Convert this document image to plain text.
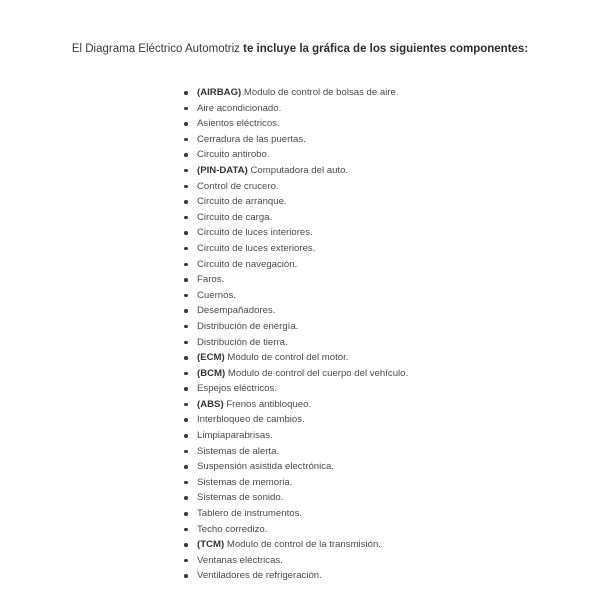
El Diagrama Eléctrico Automotriz te incluye la gráfica de los siguientes componentes:
(AIRBAG) Modulo de control de bolsas de aire.
Aire acondicionado.
Asientos eléctricos.
Cerradura de las puertas.
Circuito antirobo.
(PIN-DATA) Computadora del auto.
Control de crucero.
Circuito de arranque.
Circuito de carga.
Circuito de luces interiores.
Circuito de luces exteriores.
Circuito de navegación.
Faros.
Cuernos.
Desempañadores.
Distribución de energía.
Distribución de tierra.
(ECM) Modulo de control del motor.
(BCM) Modulo de control del cuerpo del vehículo.
Espejos eléctricos.
(ABS) Frenos antibloqueo.
Interbloqueo de cambios.
Limpiaparabrisas.
Sistemas de alerta.
Suspensión asistida electrónica.
Sistemas de memoria.
Sistemas de sonido.
Tablero de instrumentos.
Techo corredizo.
(TCM) Modulo de control de la transmisión.
Ventanas eléctricas.
Ventiladores de refrigeración.
